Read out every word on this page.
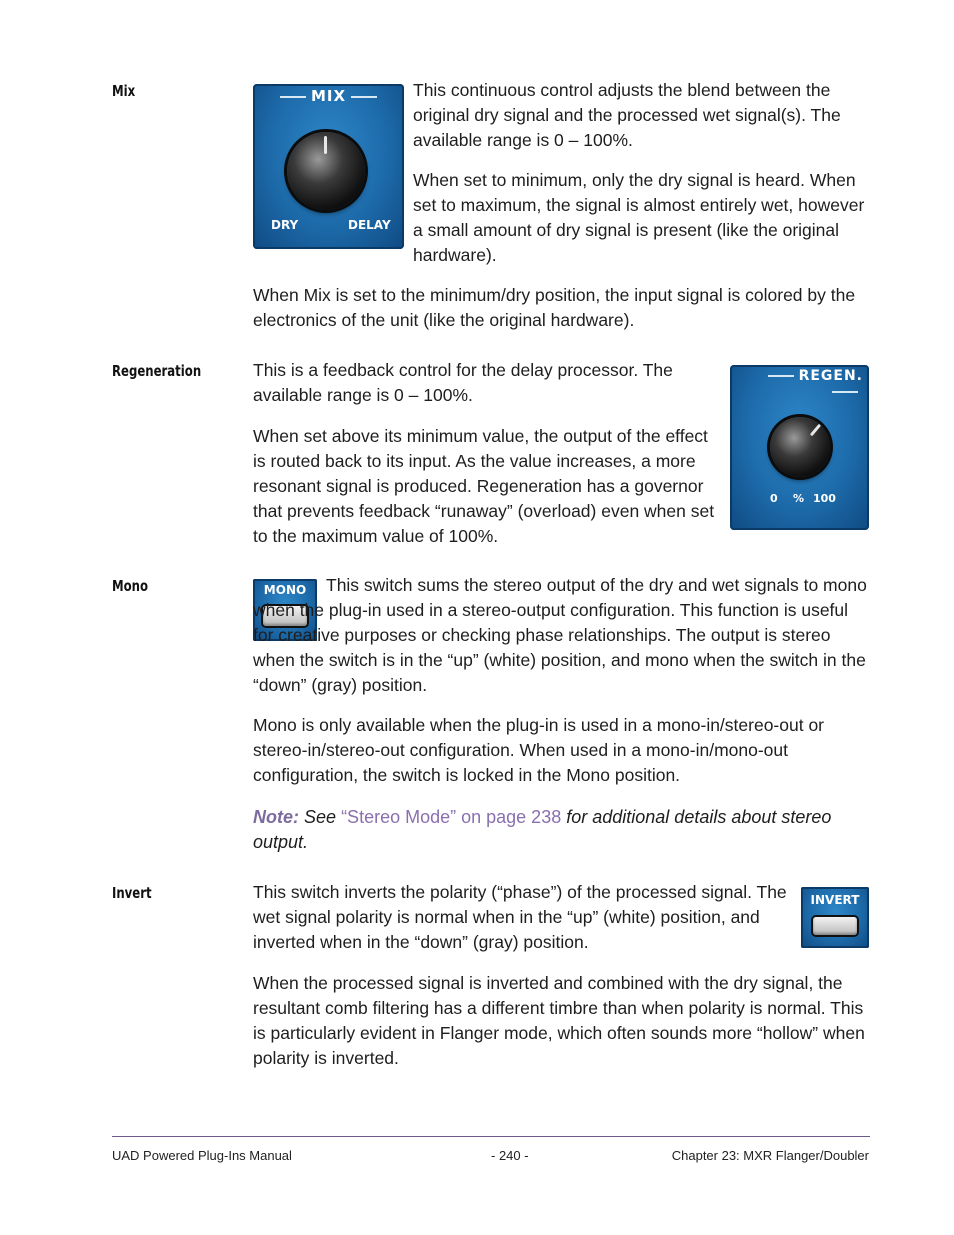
Mix	MIX
DRY	DELAY

This continuous control adjusts the blend between the original dry signal and the processed wet signal(s). The available range is 0 – 100%.

When set to minimum, only the dry signal is heard. When set to maximum, the signal is almost entirely wet, however a small amount of dry signal is present (like the original hardware).

When Mix is set to the minimum/dry position, the input signal is colored by the electronics of the unit (like the original hardware).

Regeneration	This is a feedback control for the delay processor. The available range is 0 – 100%.

When set above its minimum value, the output of the effect is routed back to its input. As the value increases, a more resonant signal is produced. Regeneration has a governor that prevents feedback “runaway” (overload) even when set to the maximum value of 100%.

REGEN.
0 % 100
Mono	MONO	This switch sums the stereo output of the dry and wet signals to mono when the plug-in used in a stereo-output configuration. This function is useful for creative purposes or checking phase relationships. The output is stereo when the switch is in the “up” (white) position, and mono when the switch in the “down” (gray) position.

Mono is only available when the plug-in is used in a mono-in/stereo-out or stereo-in/stereo-out configuration. When used in a mono-in/mono-out configuration, the switch is locked in the Mono position.

Note: See “Stereo Mode” on page 238 for additional details about stereo output.

Invert	This switch inverts the polarity (“phase”) of the processed signal. The wet signal polarity is normal when in the “up” (white) position, and inverted when in the “down” (gray) position.

INVERT

When the processed signal is inverted and combined with the dry signal, the resultant comb filtering has a different timbre than when polarity is normal. This is particularly evident in Flanger mode, which often sounds more “hollow” when polarity is inverted.

UAD Powered Plug-Ins Manual	- 240 -	Chapter 23: MXR Flanger/Doubler
